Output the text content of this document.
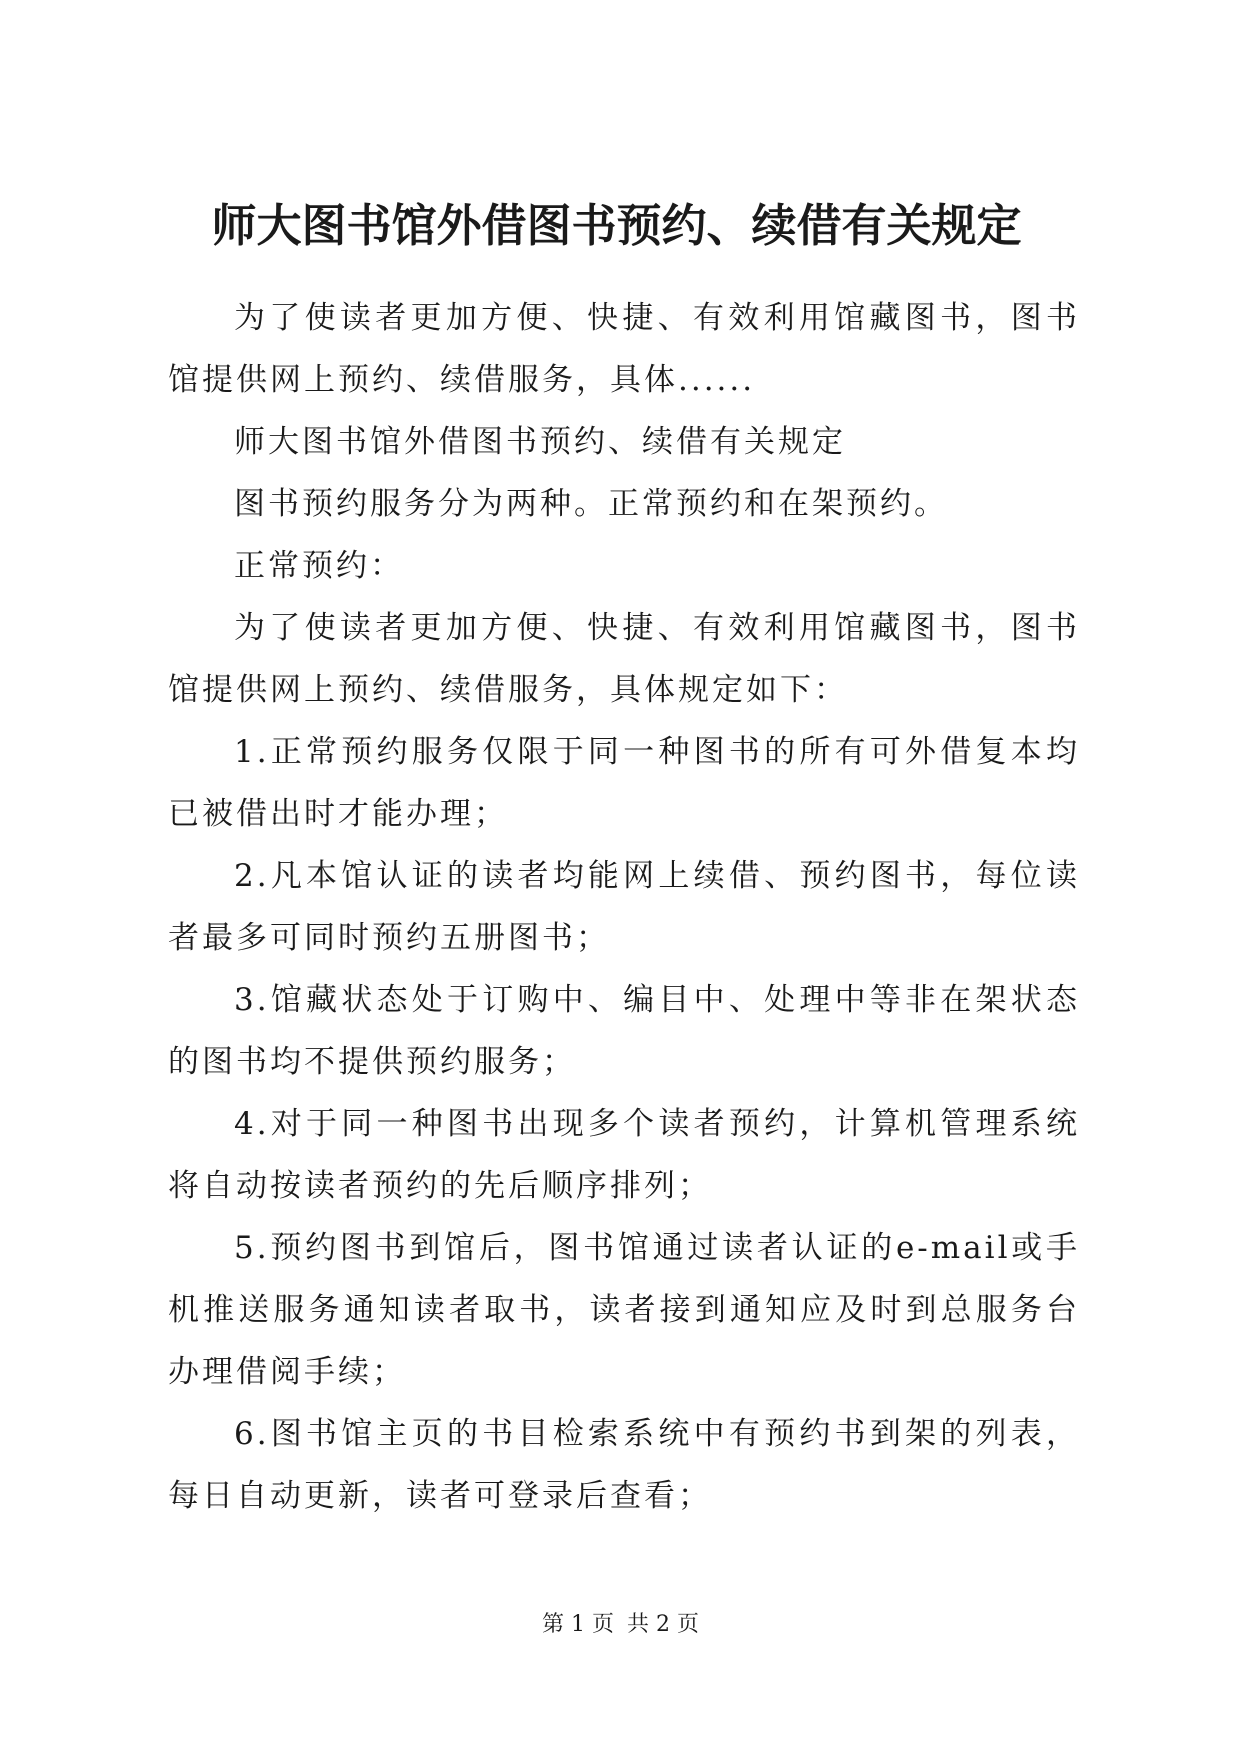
师大图书馆外借图书预约、续借有关规定

为了使读者更加方便、快捷、有效利用馆藏图书，图书馆提供网上预约、续借服务，具体......

师大图书馆外借图书预约、续借有关规定

图书预约服务分为两种。正常预约和在架预约。

正常预约：

为了使读者更加方便、快捷、有效利用馆藏图书，图书馆提供网上预约、续借服务，具体规定如下：

1.正常预约服务仅限于同一种图书的所有可外借复本均已被借出时才能办理；

2.凡本馆认证的读者均能网上续借、预约图书，每位读者最多可同时预约五册图书；

3.馆藏状态处于订购中、编目中、处理中等非在架状态的图书均不提供预约服务；

4.对于同一种图书出现多个读者预约，计算机管理系统将自动按读者预约的先后顺序排列；

5.预约图书到馆后，图书馆通过读者认证的e-mail或手机推送服务通知读者取书，读者接到通知应及时到总服务台办理借阅手续；

6.图书馆主页的书目检索系统中有预约书到架的列表，每日自动更新，读者可登录后查看；

第 1 页 共 2 页
